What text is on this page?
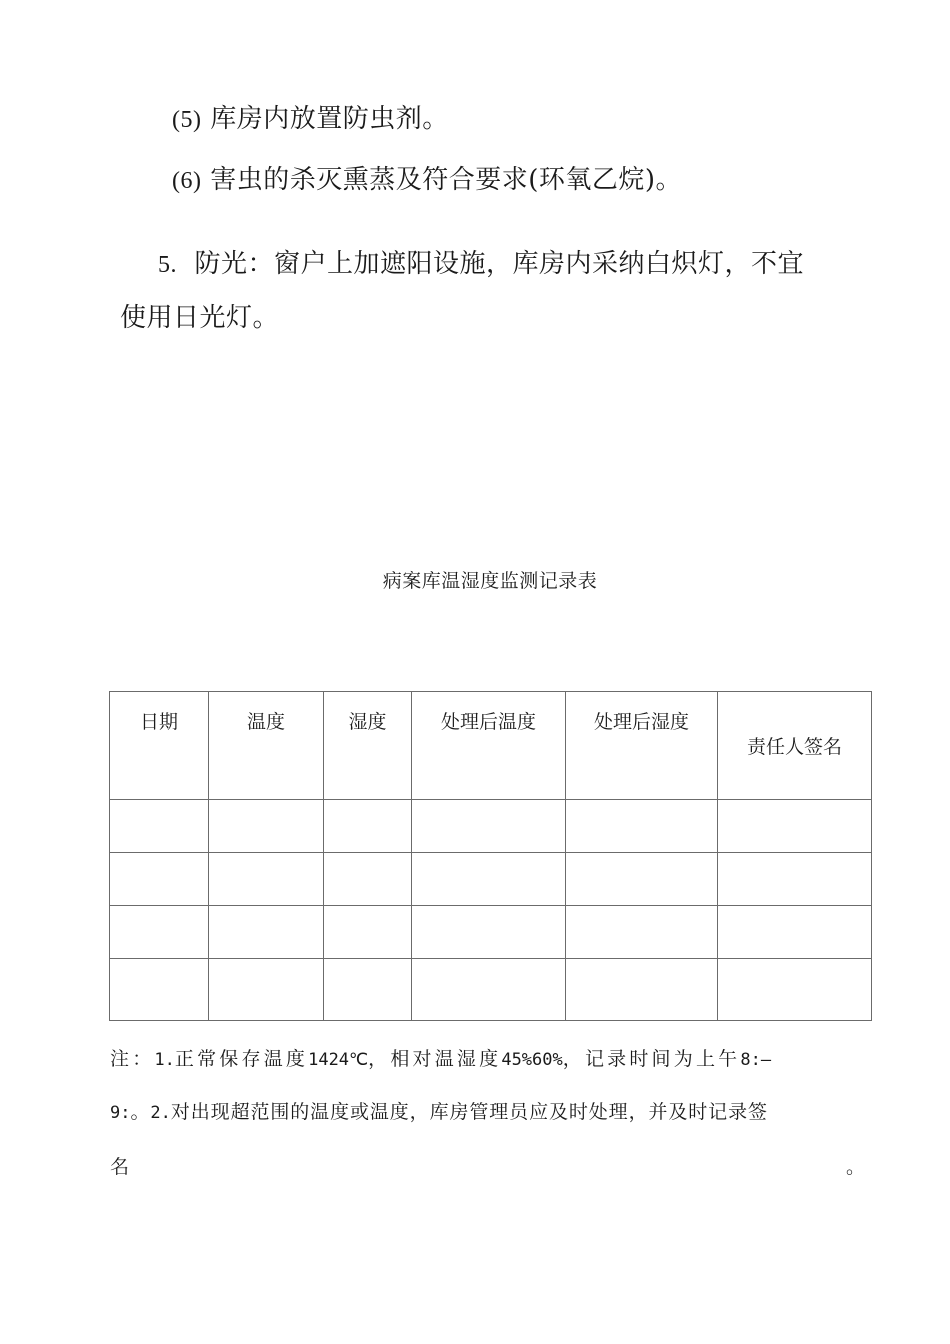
(5) 库房内放置防虫剂。
(6) 害虫的杀灭熏蒸及符合要求(环氧乙烷)。
5. 防光：窗户上加遮阳设施，库房内采纳白炽灯，不宜
使用日光灯。
病案库温湿度监测记录表
日期	温度	湿度	处理后温度	处理后湿度	责任人签名

注：1.正常保存温度1424℃，相对温湿度45%60%，记录时间为上午8:—
9:。2.对出现超范围的温度或温度，库房管理员应及时处理，并及时记录签
名	。
